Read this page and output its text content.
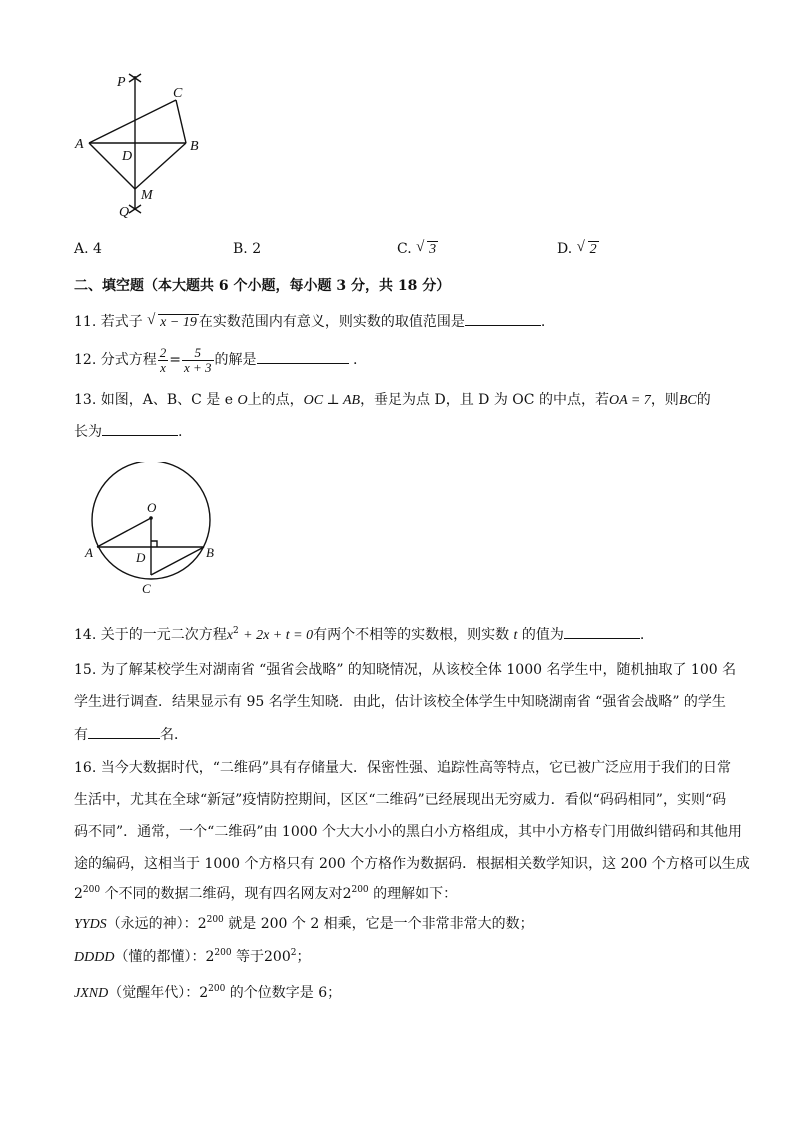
P
C
A
D
B
M
Q
A. 4	B. 2	C. √ 3	D. √ 2
二、填空题（本大题共 6 个小题，每小题 3 分，共 18 分）
11. 若式子 √ x − 19 在实数范围内有意义，则实数的取值范围是	.
12. 分式方程 $\frac{2}{x} = \frac{5}{x + 3}$ 的解是	.
13. 如图，A、B、C 是 e O上的点，OC ⊥ AB，垂足为点 D，且 D 为 OC 的中点，若OA = 7，则BC的
长为	.
O
A	B
D
C
14. 关于的一元二次方程$x^2 + 2x + t = 0$有两个不相等的实数根，则实数 t 的值为	.
15. 为了解某校学生对湖南省 “强省会战略” 的知晓情况，从该校全体 1000 名学生中，随机抽取了 100 名
学生进行调查．结果显示有 95 名学生知晓．由此，估计该校全体学生中知晓湖南省 “强省会战略” 的学生
有	名．
16. 当今大数据时代，“二维码”具有存储量大．保密性强、追踪性高等特点，它已被广泛应用于我们的日常
生活中，尤其在全球“新冠”疫情防控期间，区区“二维码”已经展现出无穷威力．看似“码码相同”，实则“码
码不同”．通常，一个“二维码”由 1000 个大大小小的黑白小方格组成，其中小方格专门用做纠错码和其他用
途的编码，这相当于 1000 个方格只有 200 个方格作为数据码．根据相关数学知识，这 200 个方格可以生成
$2^{200}$ 个不同的数据二维码，现有四名网友对$2^{200}$ 的理解如下：
YYDS（永远的神）：$2^{200}$ 就是 200 个 2 相乘，它是一个非常非常大的数；
DDDD（懂的都懂）：$2^{200}$ 等于$200^2$；
JXND（觉醒年代）：$2^{200}$ 的个位数字是 6；
